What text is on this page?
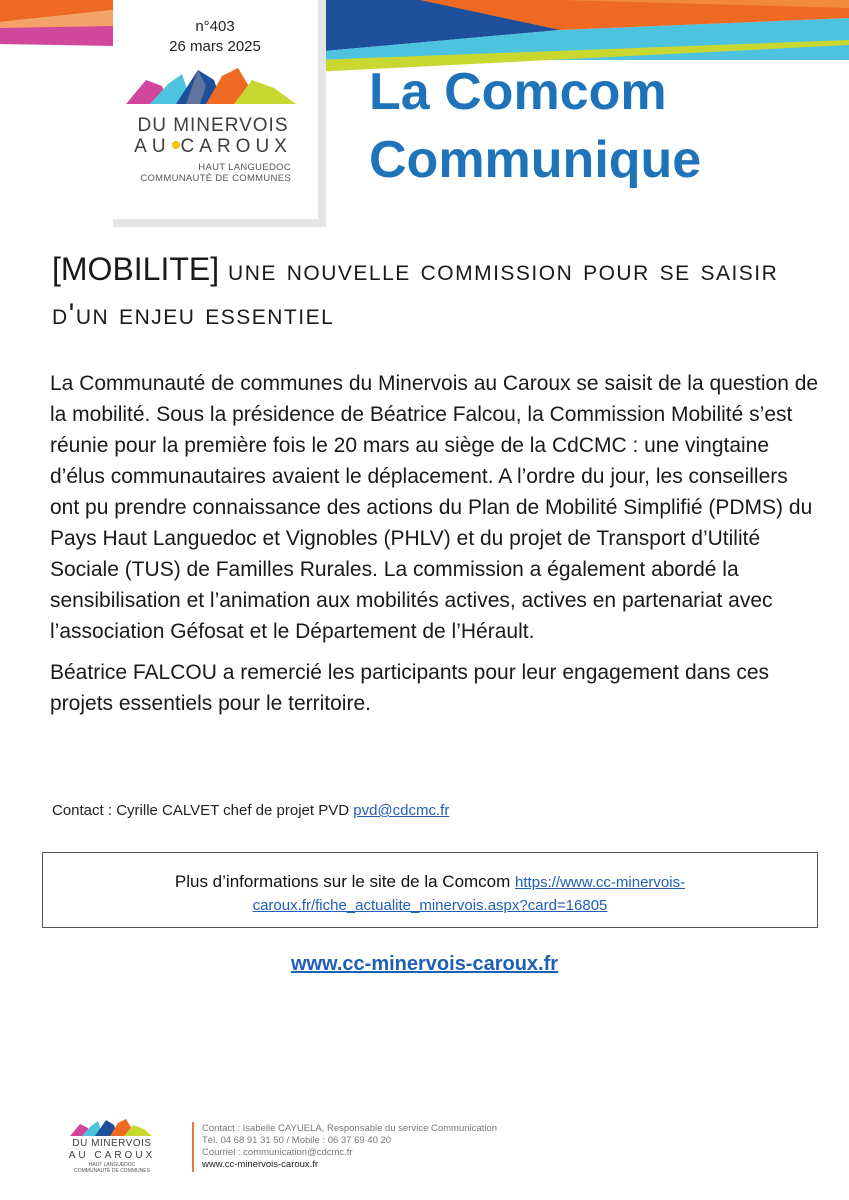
n°403
26 mars 2025
DU MINERVOIS
AU CAROUX
HAUT LANGUEDOC
COMMUNAUTÉ DE COMMUNES
La Comcom
Communique
[MOBILITE] une nouvelle commission pour se saisir d'un enjeu essentiel

La Communauté de communes du Minervois au Caroux se saisit de la question de la mobilité. Sous la présidence de Béatrice Falcou, la Commission Mobilité s’est réunie pour la première fois le 20 mars au siège de la CdCMC : une vingtaine d’élus communautaires avaient le déplacement. A l’ordre du jour, les conseillers ont pu prendre connaissance des actions du Plan de Mobilité Simplifié (PDMS) du Pays Haut Languedoc et Vignobles (PHLV) et du projet de Transport d’Utilité Sociale (TUS) de Familles Rurales. La commission a également abordé la sensibilisation et l’animation aux mobilités actives, actives en partenariat avec l’association Géfosat et le Département de l’Hérault.

Béatrice FALCOU a remercié les participants pour leur engagement dans ces projets essentiels pour le territoire.

Contact : Cyrille CALVET chef de projet PVD pvd@cdcmc.fr
Plus d’informations sur le site de la Comcom https://www.cc-minervois-caroux.fr/fiche_actualite_minervois.aspx?card=16805
www.cc-minervois-caroux.fr
DU MINERVOIS
AU CAROUX
HAUT LANGUEDOC
COMMUNAUTÉ DE COMMUNES
Contact : Isabelle CAYUELA, Responsable du service Communication
Tél. 04 68 91 31 50 / Mobile : 06 37 69 40 20
Courriel : communication@cdcmc.fr
www.cc-minervois-caroux.fr
